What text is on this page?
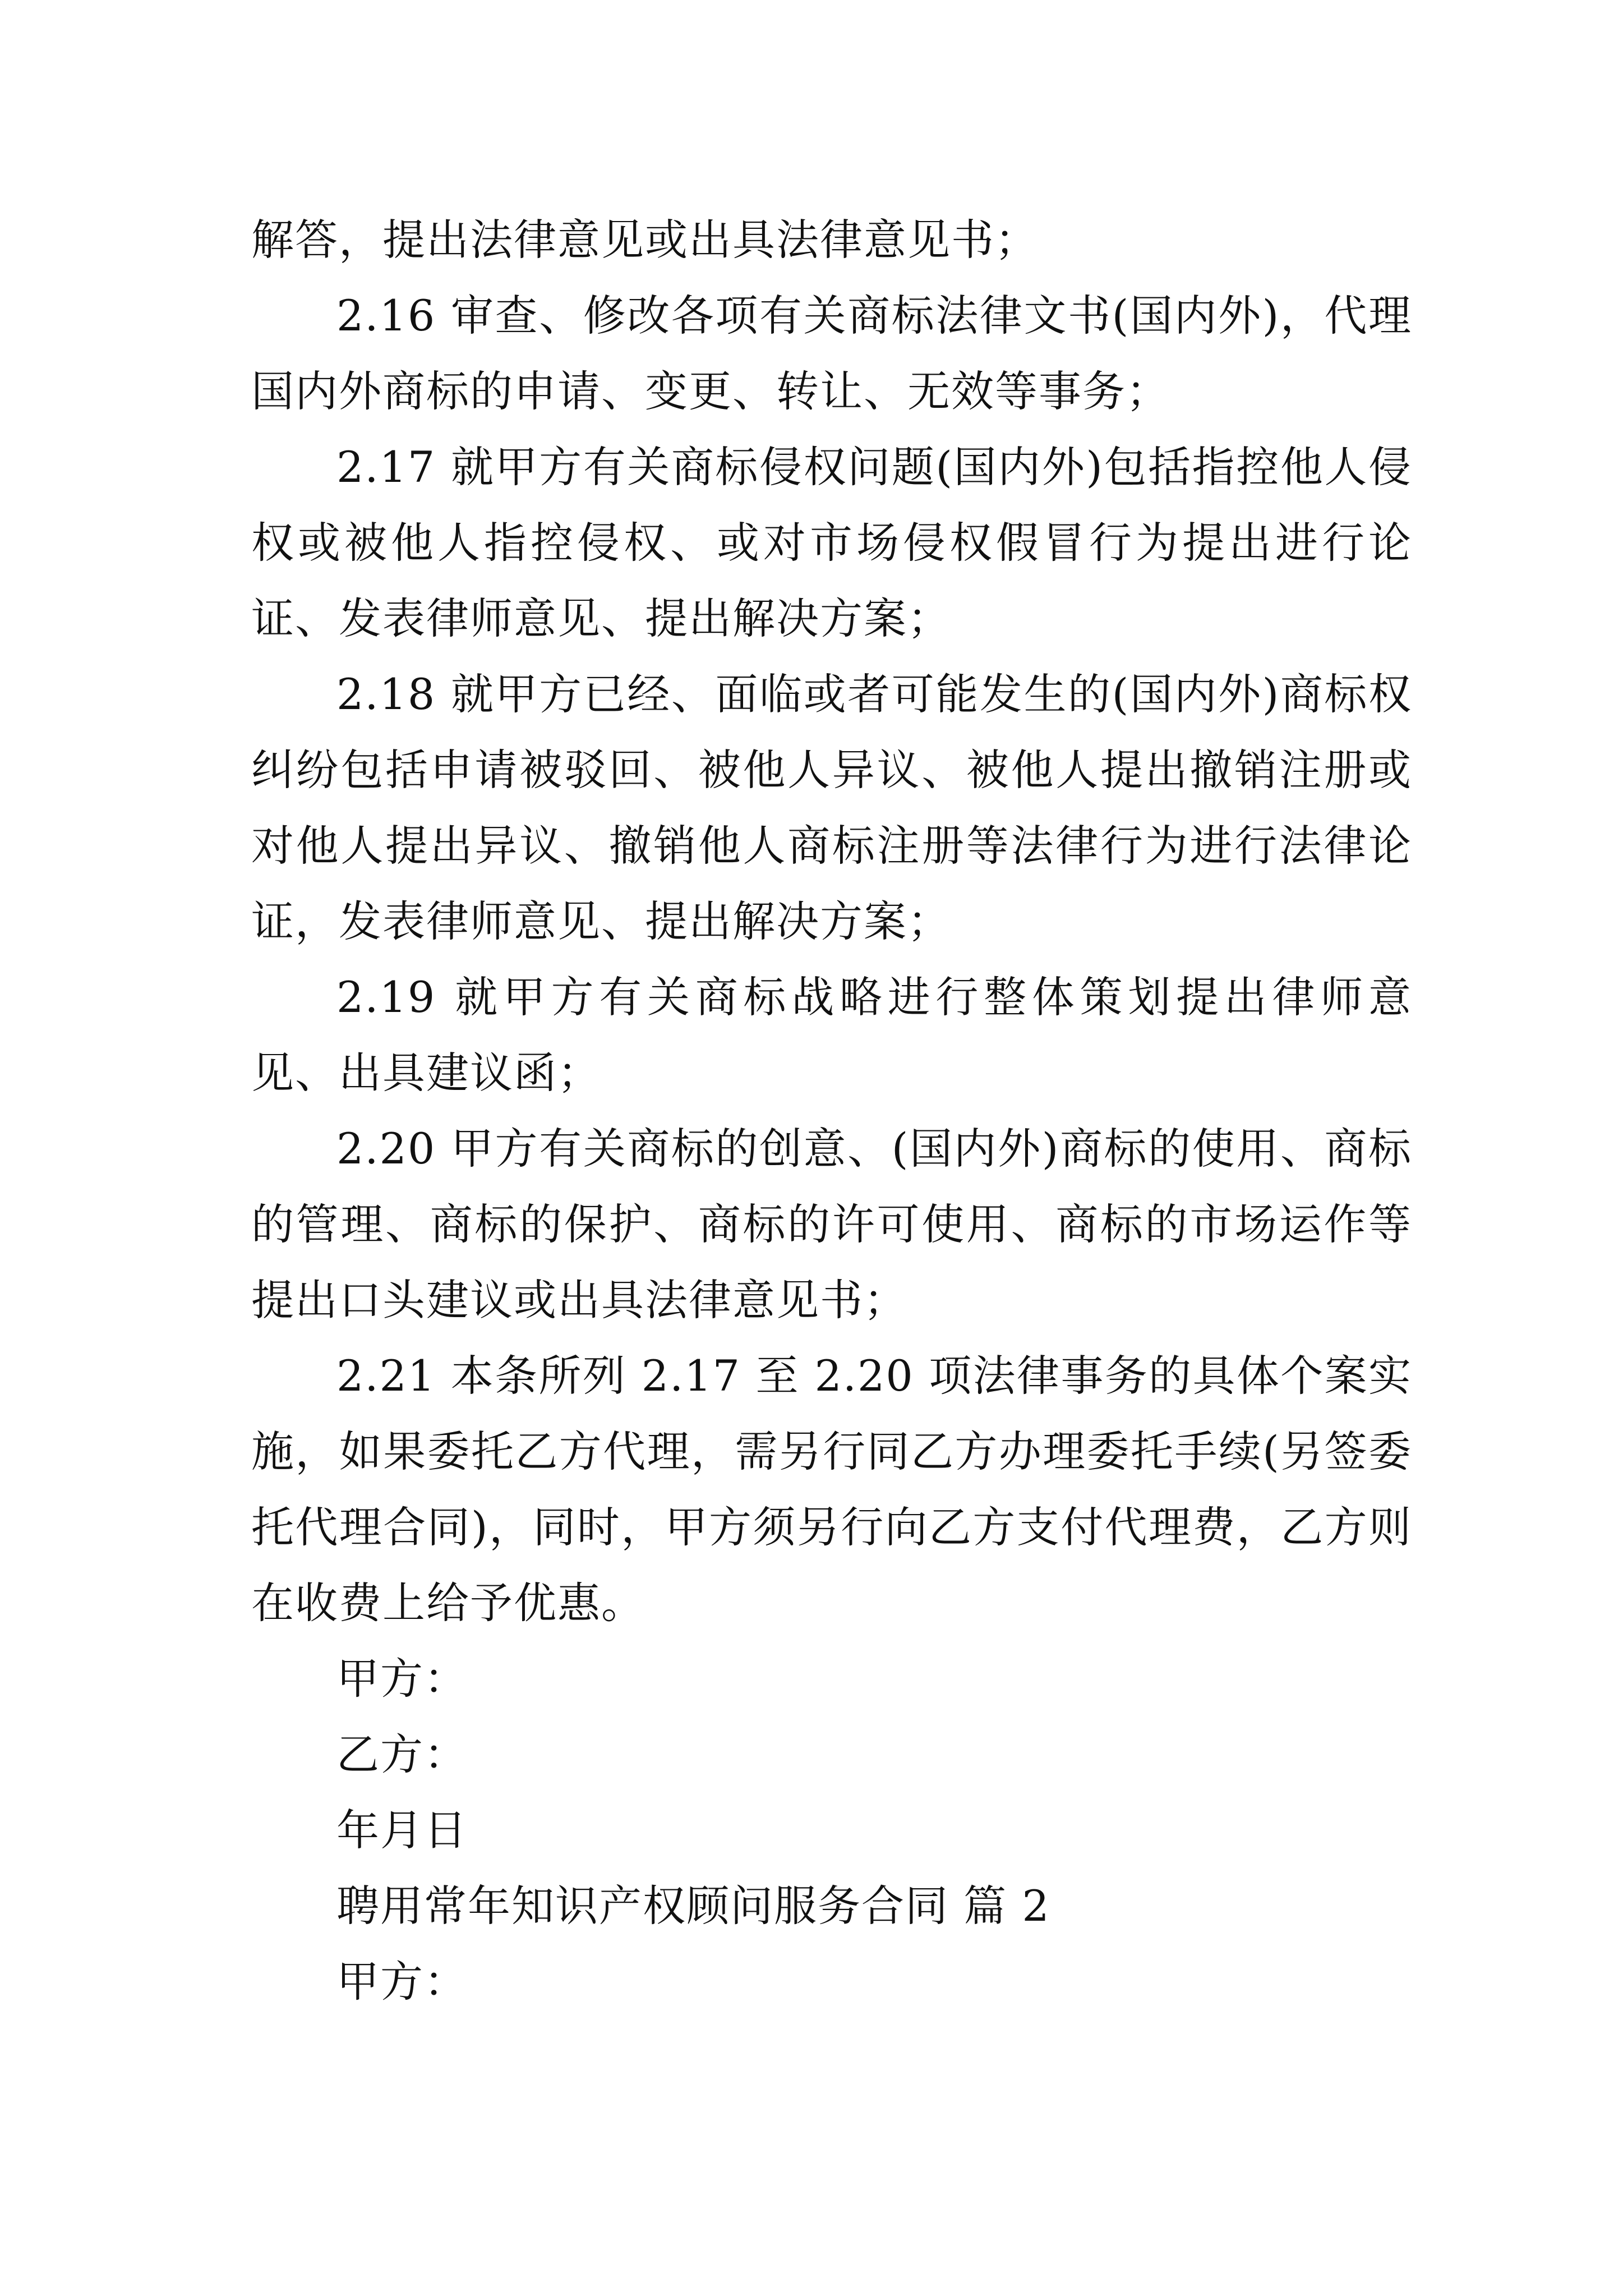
解答，提出法律意见或出具法律意见书；

2.16 审查、修改各项有关商标法律文书(国内外)，代理国内外商标的申请、变更、转让、无效等事务；

2.17 就甲方有关商标侵权问题(国内外)包括指控他人侵权或被他人指控侵权、或对市场侵权假冒行为提出进行论证、发表律师意见、提出解决方案；

2.18 就甲方已经、面临或者可能发生的(国内外)商标权纠纷包括申请被驳回、被他人异议、被他人提出撤销注册或对他人提出异议、撤销他人商标注册等法律行为进行法律论证，发表律师意见、提出解决方案；

2.19 就甲方有关商标战略进行整体策划提出律师意见、出具建议函；

2.20 甲方有关商标的创意、(国内外)商标的使用、商标的管理、商标的保护、商标的许可使用、商标的市场运作等提出口头建议或出具法律意见书；

2.21 本条所列 2.17 至 2.20 项法律事务的具体个案实施，如果委托乙方代理，需另行同乙方办理委托手续(另签委托代理合同)，同时，甲方须另行向乙方支付代理费，乙方则在收费上给予优惠。

甲方：

乙方：

年月日

聘用常年知识产权顾问服务合同 篇 2

甲方：
